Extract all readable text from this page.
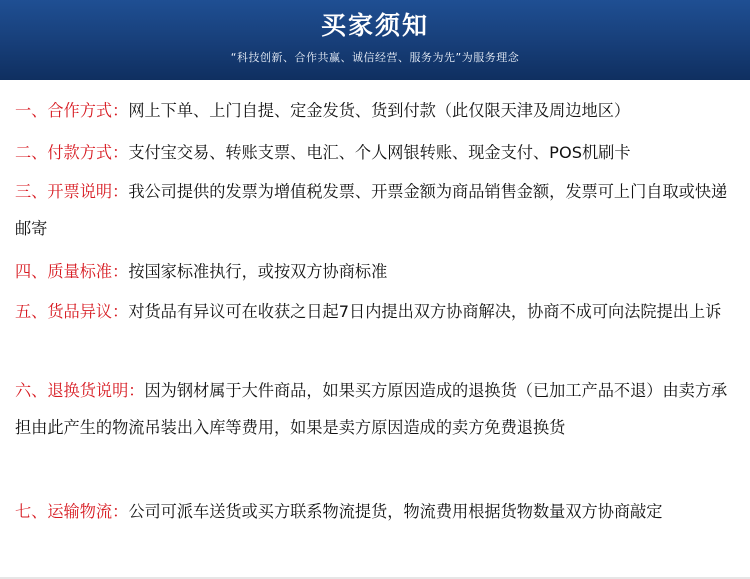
买家须知
“科技创新、合作共赢、诚信经营、服务为先”为服务理念
一、合作方式：网上下单、上门自提、定金发货、货到付款（此仅限天津及周边地区）
二、付款方式：支付宝交易、转账支票、电汇、个人网银转账、现金支付、POS机刷卡
三、开票说明：我公司提供的发票为增值税发票、开票金额为商品销售金额，发票可上门自取或快递邮寄
四、质量标准：按国家标准执行，或按双方协商标准
五、货品异议：对货品有异议可在收获之日起7日内提出双方协商解决，协商不成可向法院提出上诉
六、退换货说明：因为钢材属于大件商品，如果买方原因造成的退换货（已加工产品不退）由卖方承担由此产生的物流吊装出入库等费用，如果是卖方原因造成的卖方免费退换货
七、运输物流：公司可派车送货或买方联系物流提货，物流费用根据货物数量双方协商敲定
